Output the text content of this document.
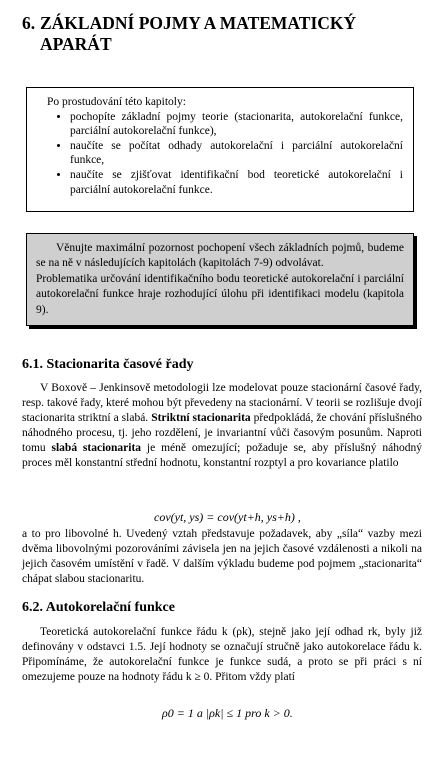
6. ZÁKLADNÍ POJMY A MATEMATICKÝ
APARÁT
Po prostudování této kapitoly:
• pochopíte základní pojmy teorie (stacionarita, autokorelační funkce, parciální autokorelační funkce),
• naučíte se počítat odhady autokorelační i parciální autokorelační funkce,
• naučíte se zjišťovat identifikační bod teoretické autokorelační i parciální autokorelační funkce.

Věnujte maximální pozornost pochopení všech základních pojmů, budeme se na ně v následujících kapitolách (kapitolách 7-9) odvolávat.

Problematika určování identifikačního bodu teoretické autokorelační i parciální autokorelační funkce hraje rozhodující úlohu při identifikaci modelu (kapitola 9).

6.1. Stacionarita časové řady

V Boxově – Jenkinsově metodologii lze modelovat pouze stacionární časové řady, resp. takové řady, které mohou být převedeny na stacionární. V teorii se rozlišuje dvojí stacionarita striktní a slabá. Striktní stacionarita předpokládá, že chování příslušného náhodného procesu, tj. jeho rozdělení, je invariantní vůči časovým posunům. Naproti tomu slabá stacionarita je méně omezující; požaduje se, aby příslušný náhodný proces měl konstantní střední hodnotu, konstantní rozptyl a pro kovariance platilo

cov(yt, ys) = cov(yt+h, ys+h) ,

a to pro libovolné h. Uvedený vztah představuje požadavek, aby „síla“ vazby mezi dvěma libovolnými pozorováními závisela jen na jejich časové vzdálenosti a nikoli na jejich časovém umístění v řadě. V dalším výkladu budeme pod pojmem „stacionarita“ chápat slabou stacionaritu.

6.2. Autokorelační funkce

Teoretická autokorelační funkce řádu k (ρk), stejně jako její odhad rk, byly již definovány v odstavci 1.5. Její hodnoty se označují stručně jako autokorelace řádu k. Připomínáme, že autokorelační funkce je funkce sudá, a proto se při práci s ní omezujeme pouze na hodnoty řádu k ≥ 0. Přitom vždy platí

ρ0 = 1 a |ρk| ≤ 1 pro k > 0.
